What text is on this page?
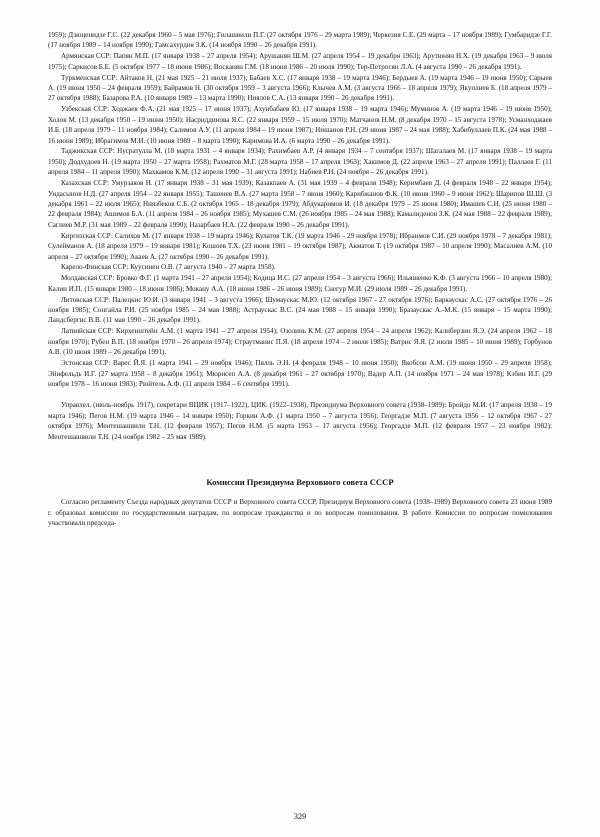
1959); Дзюценидзе Г.С. (22 декабря 1960 – 5 мая 1976); Гилашвили П.Г. (27 октября 1976 – 29 марта 1989); Черкезия С.Е. (29 марта – 17 ноября 1989); Гумбаридзе Г.Г. (17 ноября 1989 – 14 ноября 1990); Гамсахурдия З.К. (14 ноября 1990 – 26 декабря 1991).

Армянская ССР: Папян М.П. (17 января 1938 – 27 апреля 1954); Арушанян Ш.М. (27 апреля 1954 – 19 декабря 1963); Арутюнян Н.Х. (19 декабря 1963 – 9 июля 1975); Саркисов Б.Е. (5 октября 1977 – 18 июня 1986); Восканян Г.М. (18 июня 1986 – 20 июля 1990); Тер-Петросян Л.А. (4 августа 1990 – 26 декабря 1991).

Туркменская ССР: Айтаков Н. (21 мая 1925 – 21 июля 1937); Бабаев Х.С. (17 января 1938 – 19 марта 1946); Бердыев А. (19 марта 1946 – 19 июня 1950); Сарыев А. (19 июня 1950 – 24 февраля 1959); Байрамов Н. (30 октября 1959 – 3 августа 1966); Клычев А.М. (3 августа 1966 – 18 апреля 1979); Якуплиев Б. (18 апреля 1979 – 27 октября 1988); Базарова Р.А. (10 января 1989 – 13 марта 1990); Ниялов С.А. (13 января 1990 – 26 декабря 1991).

Узбекская ССР: Ходжаев Ф.А. (21 мая 1925 – 17 июня 1937); Ахунбабаев Ю. (17 января 1938 – 19 марта 1946); Муминов А. (19 марта 1946 – 19 июня 1950); Холов М. (13 декабря 1950 – 19 июня 1950); Насриддинова Я.С. (22 января 1959 – 15 июля 1970); Матчанов Н.М. (8 декабря 1970 – 15 августа 1978); Усманходжаев И.Б. (18 апреля 1979 – 11 ноября 1984); Салимов А.У. (11 апреля 1984 – 19 июня 1987); Ни́шанов Р.Н. (29 июня 1987 – 24 мая 1988); Хабибуллаев П.К. (24 мая 1988 – 16 июня 1989); Ибрагимов М.И. (10 июня 1989 – 8 марта 1990); Каримова И.А. (6 марта 1990 – 26 декабря 1991).

Таджикская ССР: Нусратулла М. (18 марта 1931 – 4 января 1934); Рахимбаев А.Р. (4 января 1934 – 7 сентября 1937); Шагалаев М. (17 января 1938 – 19 марта 1950); Додхудоев Н. (19 марта 1950 – 27 марта 1958); Рахматов М.Г. (28 марта 1958 – 17 апреля 1963); Хакимов Д. (22 апреля 1963 – 27 апреля 1991); Паллаев Г. (11 апреля 1984 – 11 апреля 1990); Махкамов К.М. (12 апреля 1990 – 31 августа 1991); Набиев Р.Н. (24 ноября – 26 декабря 1991).

Казахская ССР: Умурзаков Н. (17 января 1938 – 31 мая 1939); Казакпаев А. (31 мая 1939 – 4 февраля 1948); Керимбаев Д. (4 февраля 1948 – 22 января 1954); Ундасынов Н.Д. (27 апреля 1954 – 22 января 1955); Ташенев В.А. (27 марта 1958 – 7 июня 1960); Карибжанов Ф.К. (10 июня 1960 – 9 июня 1962); Шарипов Ш.Ш. (3 декабря 1961 – 22 июля 1965); Ниязбеков С.Б. (2 октября 1965 – 18 декабря 1979); Абдукаримов И. (18 декабря 1979 – 25 июня 1980); Имашев С.Н. (25 июня 1980 – 22 февраля 1984); Ашимов Б.А. (11 апреля 1984 – 26 ноября 1985); Мухашев С.М. (26 ноября 1985 – 24 мая 1988); Камалиденов З.К. (24 мая 1988 – 22 февраля 1989); Саглиев М.Р. (31 мая 1989 – 22 февраля 1990); Назарбаев Н.А. (22 февраля 1990 – 26 декабря 1991).

Киргизская ССР: Салихов М. (17 января 1938 – 19 марта 1946); Кулатов Т.К. (19 марта 1946 – 29 ноября 1978); Ибраимов С.И. (29 ноября 1978 – 7 декабря 1981); Сулейманов А. (18 апреля 1979 – 19 января 1981); Кошоев Т.Х. (23 июня 1981 – 19 октября 1987); Акматов Т. (19 октября 1987 – 10 апреля 1990); Масалиев А.М. (10 апреля – 27 октября 1990); Акаев А. (27 октября 1990 – 26 декабря 1991).

Карело-Финская ССР: Куусинен О.В. (7 августа 1940 – 27 марта 1958).

Молдавская ССР: Бровко Ф.Г. (1 марта 1941 – 27 апреля 1954); Кодица И.С. (27 апреля 1954 – 3 августа 1966); Ильяшенко К.Ф. (3 августа 1966 – 10 апреля 1980); Калин И.П. (15 января 1980 – 18 июня 1986); Мокану А.А. (18 июня 1986 – 26 июня 1989); Снегур М.И. (29 июля 1989 – 26 декабря 1991).

Литовская ССР: Палецкис Ю.И. (3 января 1941 – 3 августа 1966); Шумаускас М.Ю. (12 октября 1967 - 27 октября 1976); Баркаускас А.С. (27 октября 1976 – 26 ноября 1985); Сонгайла Р.И. (25 ноября 1985 – 24 мая 1988); Астраускас В.С. (24 мая 1988 – 15 января 1990); Бразаускас А.-М.К. (15 января – 15 марта 1990); Ландсбергис В.В. (11 мая 1990 – 26 декабря 1991).

Латвийская ССР: Кирхенштейн А.М. (1 марта 1941 – 27 апреля 1954); Озолинь К.М. (27 апреля 1954 – 24 апреля 1962); Калнберзин Я.Э. (24 апреля 1962 – 18 ноября 1970); Рубен В.П. (18 ноября 1970 – 26 апреля 1974); Страутманис П.Я. (18 апреля 1974 – 2 июля 1985); Ватрис Я.Я. (2 июля 1985 – 10 июня 1989); Горбунов А.В. (10 июня 1989 – 26 декабря 1991).

Эстонская ССР: Варес Й.Я. (1 марта 1941 – 29 ноября 1946); Пялль Э.Н. (4 февраля 1948 – 10 июня 1950); Якобсон А.М. (19 июня 1950 – 29 апреля 1958); Эйнфельдь И.Г. (27 марта 1958 – 8 декабря 1961); Мюрисеп А.А. (8 декабря 1961 – 27 октября 1970); Вадер А.П. (14 ноября 1971 – 24 мая 1978); Кэбин И.Г. (29 ноября 1978 – 16 июня 1983); Рюйтель А.Ф. (11 апреля 1984 – 6 сентября 1991).

Управлел. (июль-ноябрь 1917), секретари ВЦИК (1917–1922), ЦИК. (1922–1938), Президиума Верховного совета (1938–1989): Бройдо М.И. (17 апреля 1938 – 19 марта 1946); Пегов Н.М. (19 марта 1946 – 14 января 1950); Горкин А.Ф. (1 марта 1950 – 7 августа 1956); Георгадзе М.П. (7 августа 1956 – 12 октября 1967 - 27 октября 1976); Ментешашвили Т.Н. (12 февраля 1957); Пегов Н.М. (5 марта 1953 – 17 августа 1956); Георгадзе М.П. (12 февраля 1957 – 23 ноября 1982); Ментешашвили Т.Н. (24 ноября 1982 – 25 мая 1989).

Комиссии Президиума Верховного совета СССР

Согласно регламенту Съезда народных депутатов СССР и Верховного совета СССР, Президиум Верховного совета (1938–1989) Верховного совета 23 июня 1989 г. образовал комиссии по государственным наградам, по вопросам гражданства и по вопросам помилования. В работе Комиссии по вопросам помилования участвовали председа-

329
